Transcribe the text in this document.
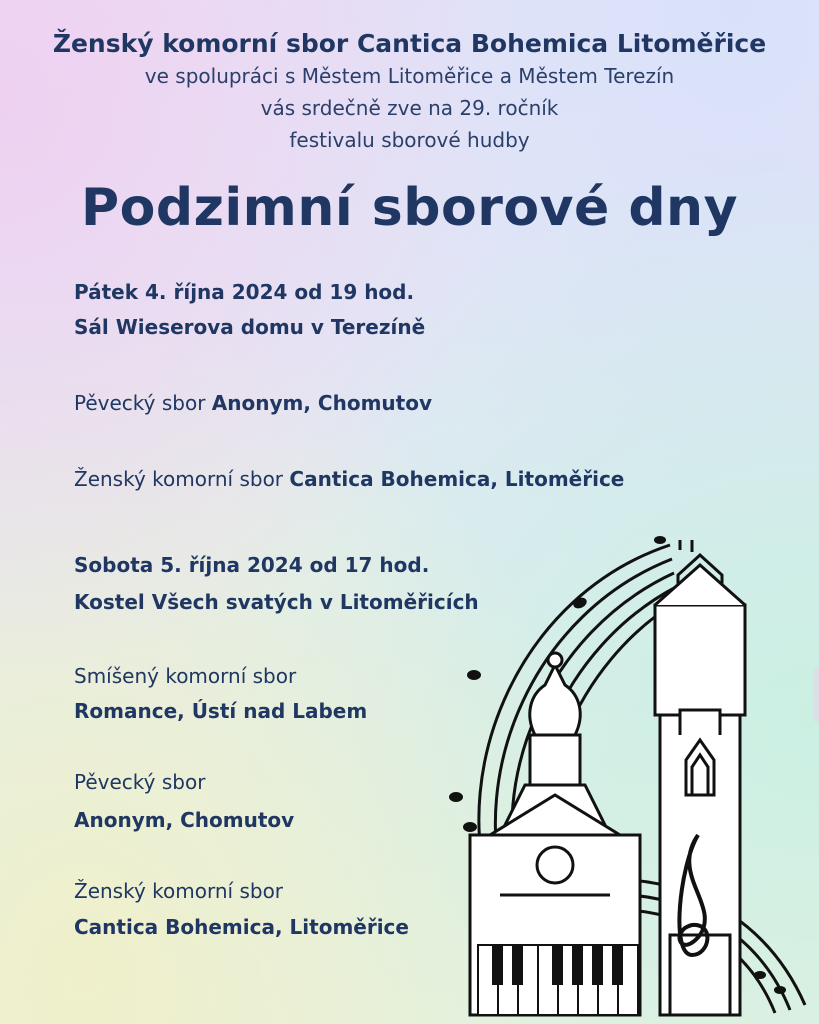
Ženský komorní sbor Cantica Bohemica Litoměřice

ve spolupráci s Městem Litoměřice a Městem Terezín

vás srdečně zve na 29. ročník

festivalu sborové hudby

Podzimní sborové dny

Pátek 4. října 2024 od 19 hod.

Sál Wieserova domu v Terezíně

Pěvecký sbor Anonym, Chomutov

Ženský komorní sbor Cantica Bohemica, Litoměřice

Sobota 5. října 2024 od 17 hod.

Kostel Všech svatých v Litoměřicích

Smíšený komorní sbor

Romance, Ústí nad Labem

Pěvecký sbor

Anonym, Chomutov

Ženský komorní sbor

Cantica Bohemica, Litoměřice
